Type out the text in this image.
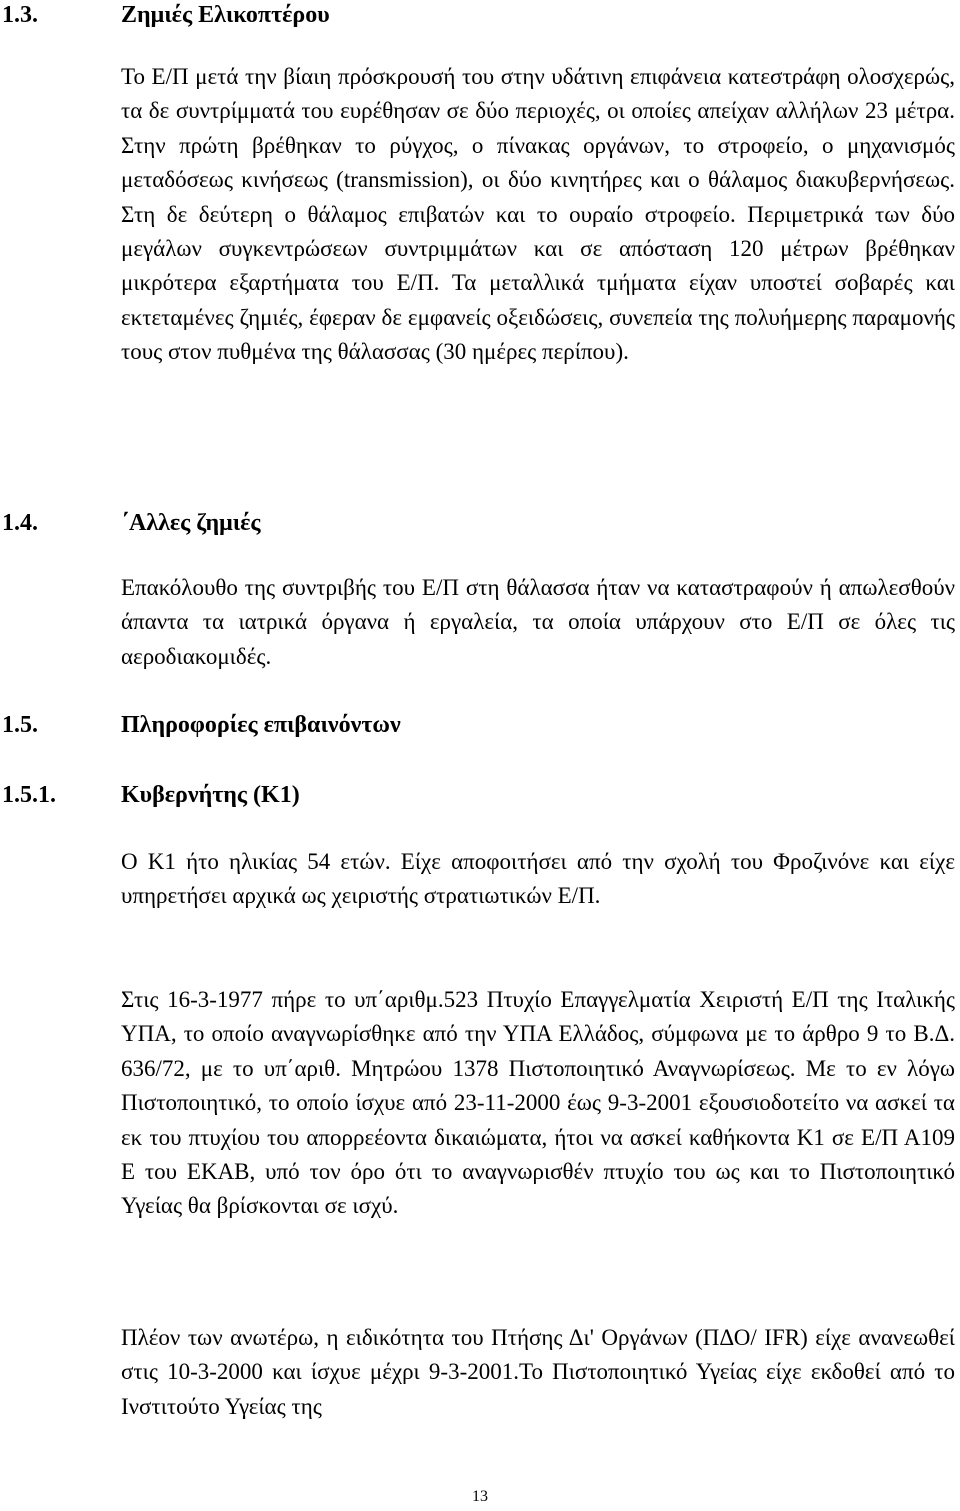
1.3.	Ζημιές Ελικοπτέρου

Το Ε/Π μετά την βίαιη πρόσκρουσή του στην υδάτινη επιφάνεια κατεστράφη ολοσχερώς, τα δε συντρίμματά του ευρέθησαν σε δύο περιοχές, οι οποίες απείχαν αλλήλων 23 μέτρα. Στην πρώτη βρέθηκαν το ρύγχος, ο πίνακας οργάνων, το στροφείο, ο μηχανισμός μεταδόσεως κινήσεως (transmission), οι δύο κινητήρες και ο θάλαμος διακυβερνήσεως. Στη δε δεύτερη ο θάλαμος επιβατών και το ουραίο στροφείο. Περιμετρικά των δύο μεγάλων συγκεντρώσεων συντριμμάτων και σε απόσταση 120 μέτρων βρέθηκαν μικρότερα εξαρτήματα του Ε/Π. Τα μεταλλικά τμήματα είχαν υποστεί σοβαρές και εκτεταμένες ζημιές, έφεραν δε εμφανείς οξειδώσεις, συνεπεία της πολυήμερης παραμονής τους στον πυθμένα της θάλασσας (30 ημέρες περίπου).

1.4.	΄Αλλες ζημιές

Επακόλουθο της συντριβής του Ε/Π στη θάλασσα ήταν να καταστραφούν ή απωλεσθούν άπαντα τα ιατρικά όργανα ή εργαλεία, τα οποία υπάρχουν στο Ε/Π σε όλες τις αεροδιακομιδές.

1.5.	Πληροφορίες επιβαινόντων
1.5.1.	Κυβερνήτης (Κ1)

Ο Κ1 ήτο ηλικίας 54 ετών. Είχε αποφοιτήσει από την σχολή του Φροζινόνε και είχε υπηρετήσει αρχικά ως χειριστής στρατιωτικών Ε/Π.

Στις 16-3-1977 πήρε το υπ΄αριθμ.523 Πτυχίο Επαγγελματία Χειριστή Ε/Π της Ιταλικής ΥΠΑ, το οποίο αναγνωρίσθηκε από την ΥΠΑ Ελλάδος, σύμφωνα με το άρθρο 9 το Β.Δ. 636/72, με το υπ΄αριθ. Μητρώου 1378 Πιστοποιητικό Αναγνωρίσεως. Με το εν λόγω Πιστοποιητικό, το οποίο ίσχυε από 23-11-2000 έως 9-3-2001 εξουσιοδοτείτο να ασκεί τα εκ του πτυχίου του απορρεέοντα δικαιώματα, ήτοι να ασκεί καθήκοντα Κ1 σε Ε/Π Α109 Ε του ΕΚΑΒ, υπό τον όρο ότι το αναγνωρισθέν πτυχίο του ως και το Πιστοποιητικό Υγείας θα βρίσκονται σε ισχύ.

Πλέον των ανωτέρω, η ειδικότητα του Πτήσης Δι' Οργάνων (ΠΔΟ/ IFR) είχε ανανεωθεί στις 10-3-2000 και ίσχυε μέχρι 9-3-2001.Το Πιστοποιητικό Υγείας είχε εκδοθεί από το Ινστιτούτο Υγείας της

13
